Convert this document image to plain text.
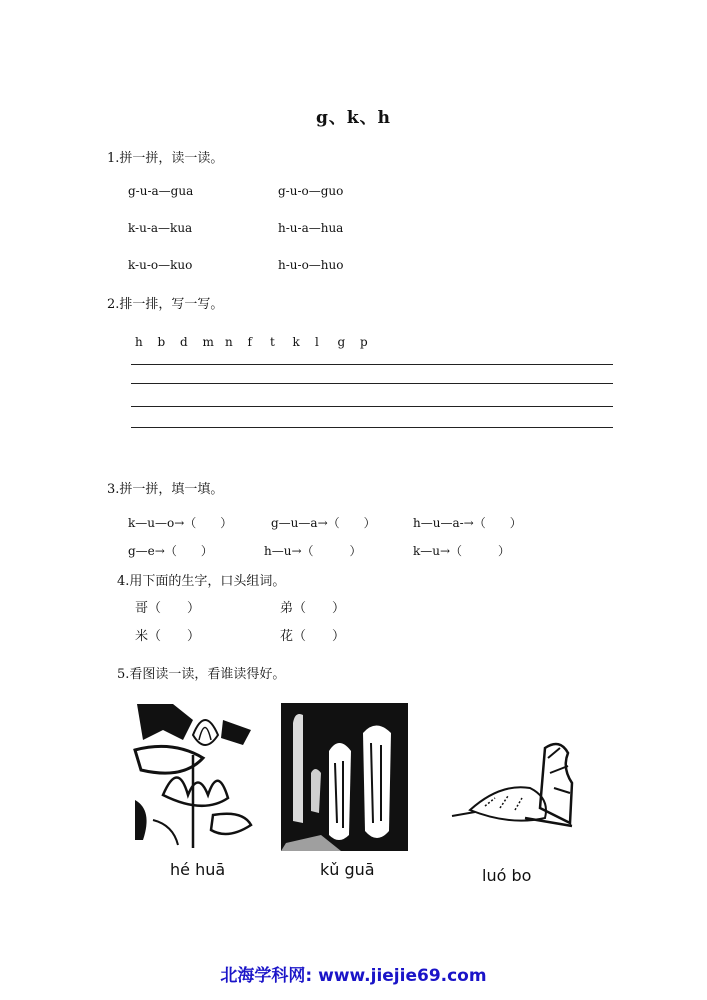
g、k、h
1.拼一拼，读一读。
g-u-a—gua	g-u-o—guo
k-u-a—kua	h-u-a—hua
k-u-o—kuo	h-u-o—huo
2.排一排，写一写。
h b d m n f t k l g p
3.拼一拼，填一填。
k—u—o→（　　）	g—u—a→（　　）	h—u—a-→（　　）
g—e→（　　）	h—u→（　　　）	k—u→（　　　）
4.用下面的生字，口头组词。
哥（　　）	弟（　　）
米（　　）	花（　　）
5.看图读一读，看谁读得好。
hé huā	kǔ guā	luó bo
北海学科网: www.jiejie69.com
